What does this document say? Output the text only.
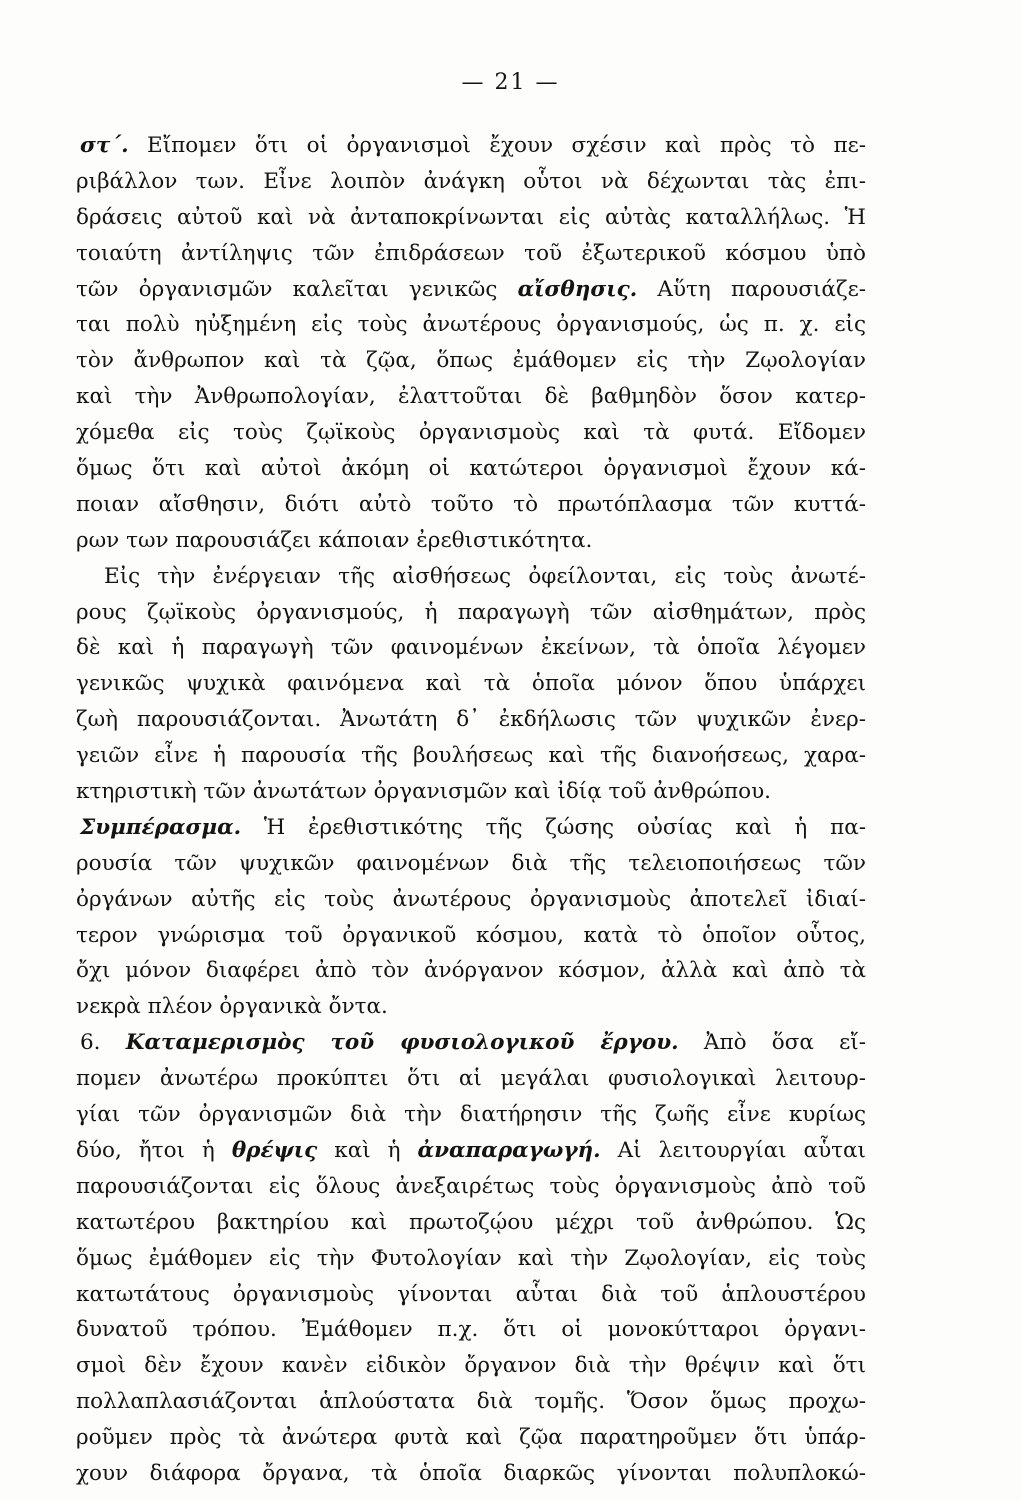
— 21 —
στ΄. Εἴπομεν ὅτι οἱ ὀργανισμοὶ ἔχουν σχέσιν καὶ πρὸς τὸ πε-
ριβάλλον των. Εἶνε λοιπὸν ἀνάγκη οὗτοι νὰ δέχωνται τὰς ἐπι-
δράσεις αὐτοῦ καὶ νὰ ἀνταποκρίνωνται εἰς αὐτὰς καταλλήλως. Ἡ
τοιαύτη ἀντίληψις τῶν ἐπιδράσεων τοῦ ἐξωτερικοῦ κόσμου ὑπὸ
τῶν ὀργανισμῶν καλεῖται γενικῶς αἴσθησις. Αὕτη παρουσιάζε-
ται πολὺ ηὐξημένη εἰς τοὺς ἀνωτέρους ὀργανισμούς, ὡς π. χ. εἰς
τὸν ἄνθρωπον καὶ τὰ ζῷα, ὅπως ἐμάθομεν εἰς τὴν Ζῳολογίαν
καὶ τὴν Ἀνθρωπολογίαν, ἐλαττοῦται δὲ βαθμηδὸν ὅσον κατερ-
χόμεθα εἰς τοὺς ζῳϊκοὺς ὀργανισμοὺς καὶ τὰ φυτά. Εἴδομεν
ὅμως ὅτι καὶ αὐτοὶ ἀκόμη οἱ κατώτεροι ὀργανισμοὶ ἔχουν κά-
ποιαν αἴσθησιν, διότι αὐτὸ τοῦτο τὸ πρωτόπλασμα τῶν κυττά-
ρων των παρουσιάζει κάποιαν ἐρεθιστικότητα.
Εἰς τὴν ἐνέργειαν τῆς αἰσθήσεως ὀφείλονται, εἰς τοὺς ἀνωτέ-
ρους ζῳϊκοὺς ὀργανισμούς, ἡ παραγωγὴ τῶν αἰσθημάτων, πρὸς
δὲ καὶ ἡ παραγωγὴ τῶν φαινομένων ἐκείνων, τὰ ὁποῖα λέγομεν
γενικῶς ψυχικὰ φαινόμενα καὶ τὰ ὁποῖα μόνον ὅπου ὑπάρχει
ζωὴ παρουσιάζονται. Ἀνωτάτη δ᾽ ἐκδήλωσις τῶν ψυχικῶν ἐνερ-
γειῶν εἶνε ἡ παρουσία τῆς βουλήσεως καὶ τῆς διανοήσεως, χαρα-
κτηριστικὴ τῶν ἀνωτάτων ὀργανισμῶν καὶ ἰδίᾳ τοῦ ἀνθρώπου.
Συμπέρασμα. Ἡ ἐρεθιστικότης τῆς ζώσης οὐσίας καὶ ἡ πα-
ρουσία τῶν ψυχικῶν φαινομένων διὰ τῆς τελειοποιήσεως τῶν
ὀργάνων αὐτῆς εἰς τοὺς ἀνωτέρους ὀργανισμοὺς ἀποτελεῖ ἰδιαί-
τερον γνώρισμα τοῦ ὀργανικοῦ κόσμου, κατὰ τὸ ὁποῖον οὗτος,
ὄχι μόνον διαφέρει ἀπὸ τὸν ἀνόργανον κόσμον, ἀλλὰ καὶ ἀπὸ τὰ
νεκρὰ πλέον ὀργανικὰ ὄντα.
6. Καταμερισμὸς τοῦ φυσιολογικοῦ ἔργου. Ἀπὸ ὅσα εἴ-
πομεν ἀνωτέρω προκύπτει ὅτι αἱ μεγάλαι φυσιολογικαὶ λειτουρ-
γίαι τῶν ὀργανισμῶν διὰ τὴν διατήρησιν τῆς ζωῆς εἶνε κυρίως
δύο, ἤτοι ἡ θρέψις καὶ ἡ ἀναπαραγωγή. Αἱ λειτουργίαι αὗται
παρουσιάζονται εἰς ὅλους ἀνεξαιρέτως τοὺς ὀργανισμοὺς ἀπὸ τοῦ
κατωτέρου βακτηρίου καὶ πρωτοζῴου μέχρι τοῦ ἀνθρώπου. Ὡς
ὅμως ἐμάθομεν εἰς τὴν Φυτολογίαν καὶ τὴν Ζῳολογίαν, εἰς τοὺς
κατωτάτους ὀργανισμοὺς γίνονται αὗται διὰ τοῦ ἁπλουστέρου
δυνατοῦ τρόπου. Ἐμάθομεν π.χ. ὅτι οἱ μονοκύτταροι ὀργανι-
σμοὶ δὲν ἔχουν κανὲν εἰδικὸν ὄργανον διὰ τὴν θρέψιν καὶ ὅτι
πολλαπλασιάζονται ἁπλούστατα διὰ τομῆς. Ὅσον ὅμως προχω-
ροῦμεν πρὸς τὰ ἀνώτερα φυτὰ καὶ ζῷα παρατηροῦμεν ὅτι ὑπάρ-
χουν διάφορα ὄργανα, τὰ ὁποῖα διαρκῶς γίνονται πολυπλοκώ-
